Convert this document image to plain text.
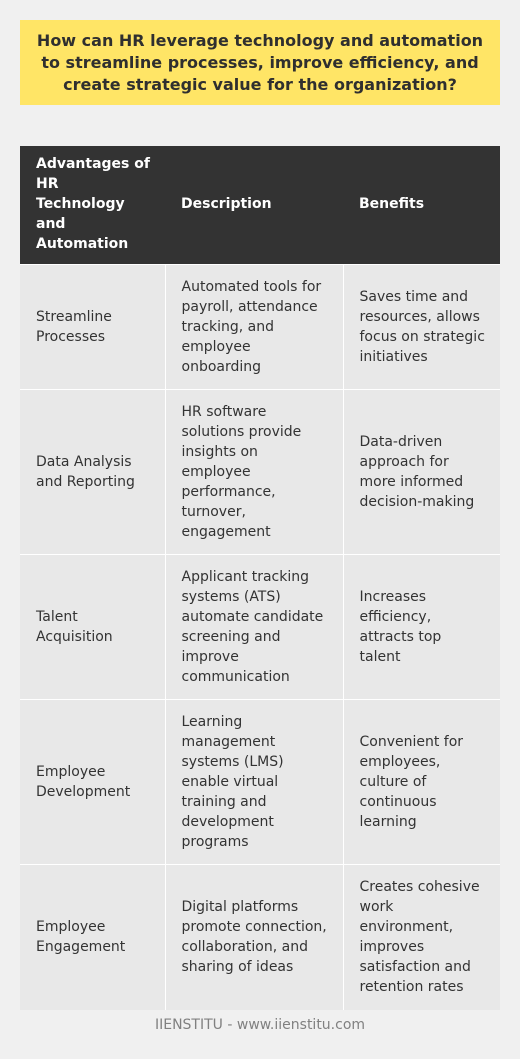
How can HR leverage technology and automation to streamline processes, improve efficiency, and create strategic value for the organization?
Advantages of HR Technology and Automation	Description	Benefits
Streamline Processes	Automated tools for payroll, attendance tracking, and employee onboarding	Saves time and resources, allows focus on strategic initiatives
Data Analysis and Reporting	HR software solutions provide insights on employee performance, turnover, engagement	Data-driven approach for more informed decision-making
Talent Acquisition	Applicant tracking systems (ATS) automate candidate screening and improve communication	Increases efficiency, attracts top talent
Employee Development	Learning management systems (LMS) enable virtual training and development programs	Convenient for employees, culture of continuous learning
Employee Engagement	Digital platforms promote connection, collaboration, and sharing of ideas	Creates cohesive work environment, improves satisfaction and retention rates
IIENSTITU - www.iienstitu.com
